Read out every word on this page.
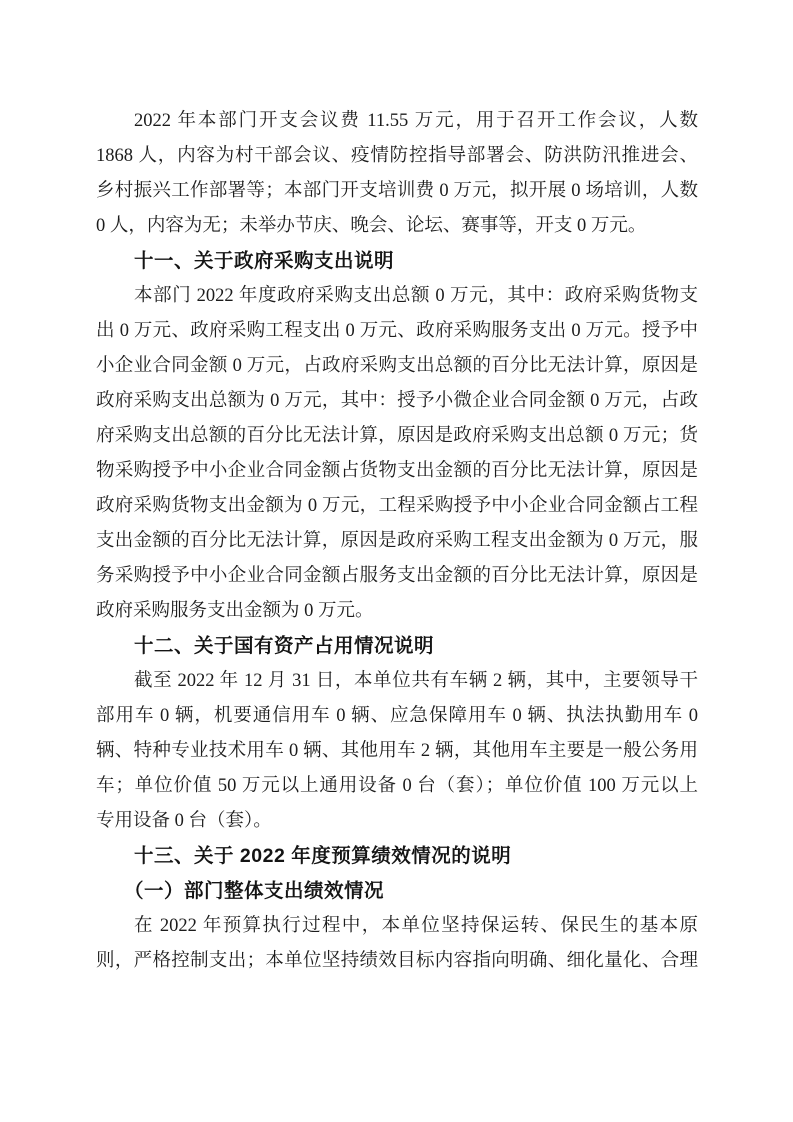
2022 年本部门开支会议费 11.55 万元，用于召开工作会议，人数
1868 人，内容为村干部会议、疫情防控指导部署会、防洪防汛推进会、
乡村振兴工作部署等；本部门开支培训费 0 万元，拟开展 0 场培训，人数
0 人，内容为无；未举办节庆、晚会、论坛、赛事等，开支 0 万元。
十一、关于政府采购支出说明
本部门 2022 年度政府采购支出总额 0 万元，其中：政府采购货物支
出 0 万元、政府采购工程支出 0 万元、政府采购服务支出 0 万元。授予中
小企业合同金额 0 万元，占政府采购支出总额的百分比无法计算，原因是
政府采购支出总额为 0 万元，其中：授予小微企业合同金额 0 万元，占政
府采购支出总额的百分比无法计算，原因是政府采购支出总额 0 万元；货
物采购授予中小企业合同金额占货物支出金额的百分比无法计算，原因是
政府采购货物支出金额为 0 万元，工程采购授予中小企业合同金额占工程
支出金额的百分比无法计算，原因是政府采购工程支出金额为 0 万元，服
务采购授予中小企业合同金额占服务支出金额的百分比无法计算，原因是
政府采购服务支出金额为 0 万元。
十二、关于国有资产占用情况说明
截至 2022 年 12 月 31 日，本单位共有车辆 2 辆，其中，主要领导干
部用车 0 辆，机要通信用车 0 辆、应急保障用车 0 辆、执法执勤用车 0
辆、特种专业技术用车 0 辆、其他用车 2 辆，其他用车主要是一般公务用
车；单位价值 50 万元以上通用设备 0 台（套）；单位价值 100 万元以上
专用设备 0 台（套）。
十三、关于 2022 年度预算绩效情况的说明
（一）部门整体支出绩效情况
在 2022 年预算执行过程中，本单位坚持保运转、保民生的基本原
则，严格控制支出；本单位坚持绩效目标内容指向明确、细化量化、合理
